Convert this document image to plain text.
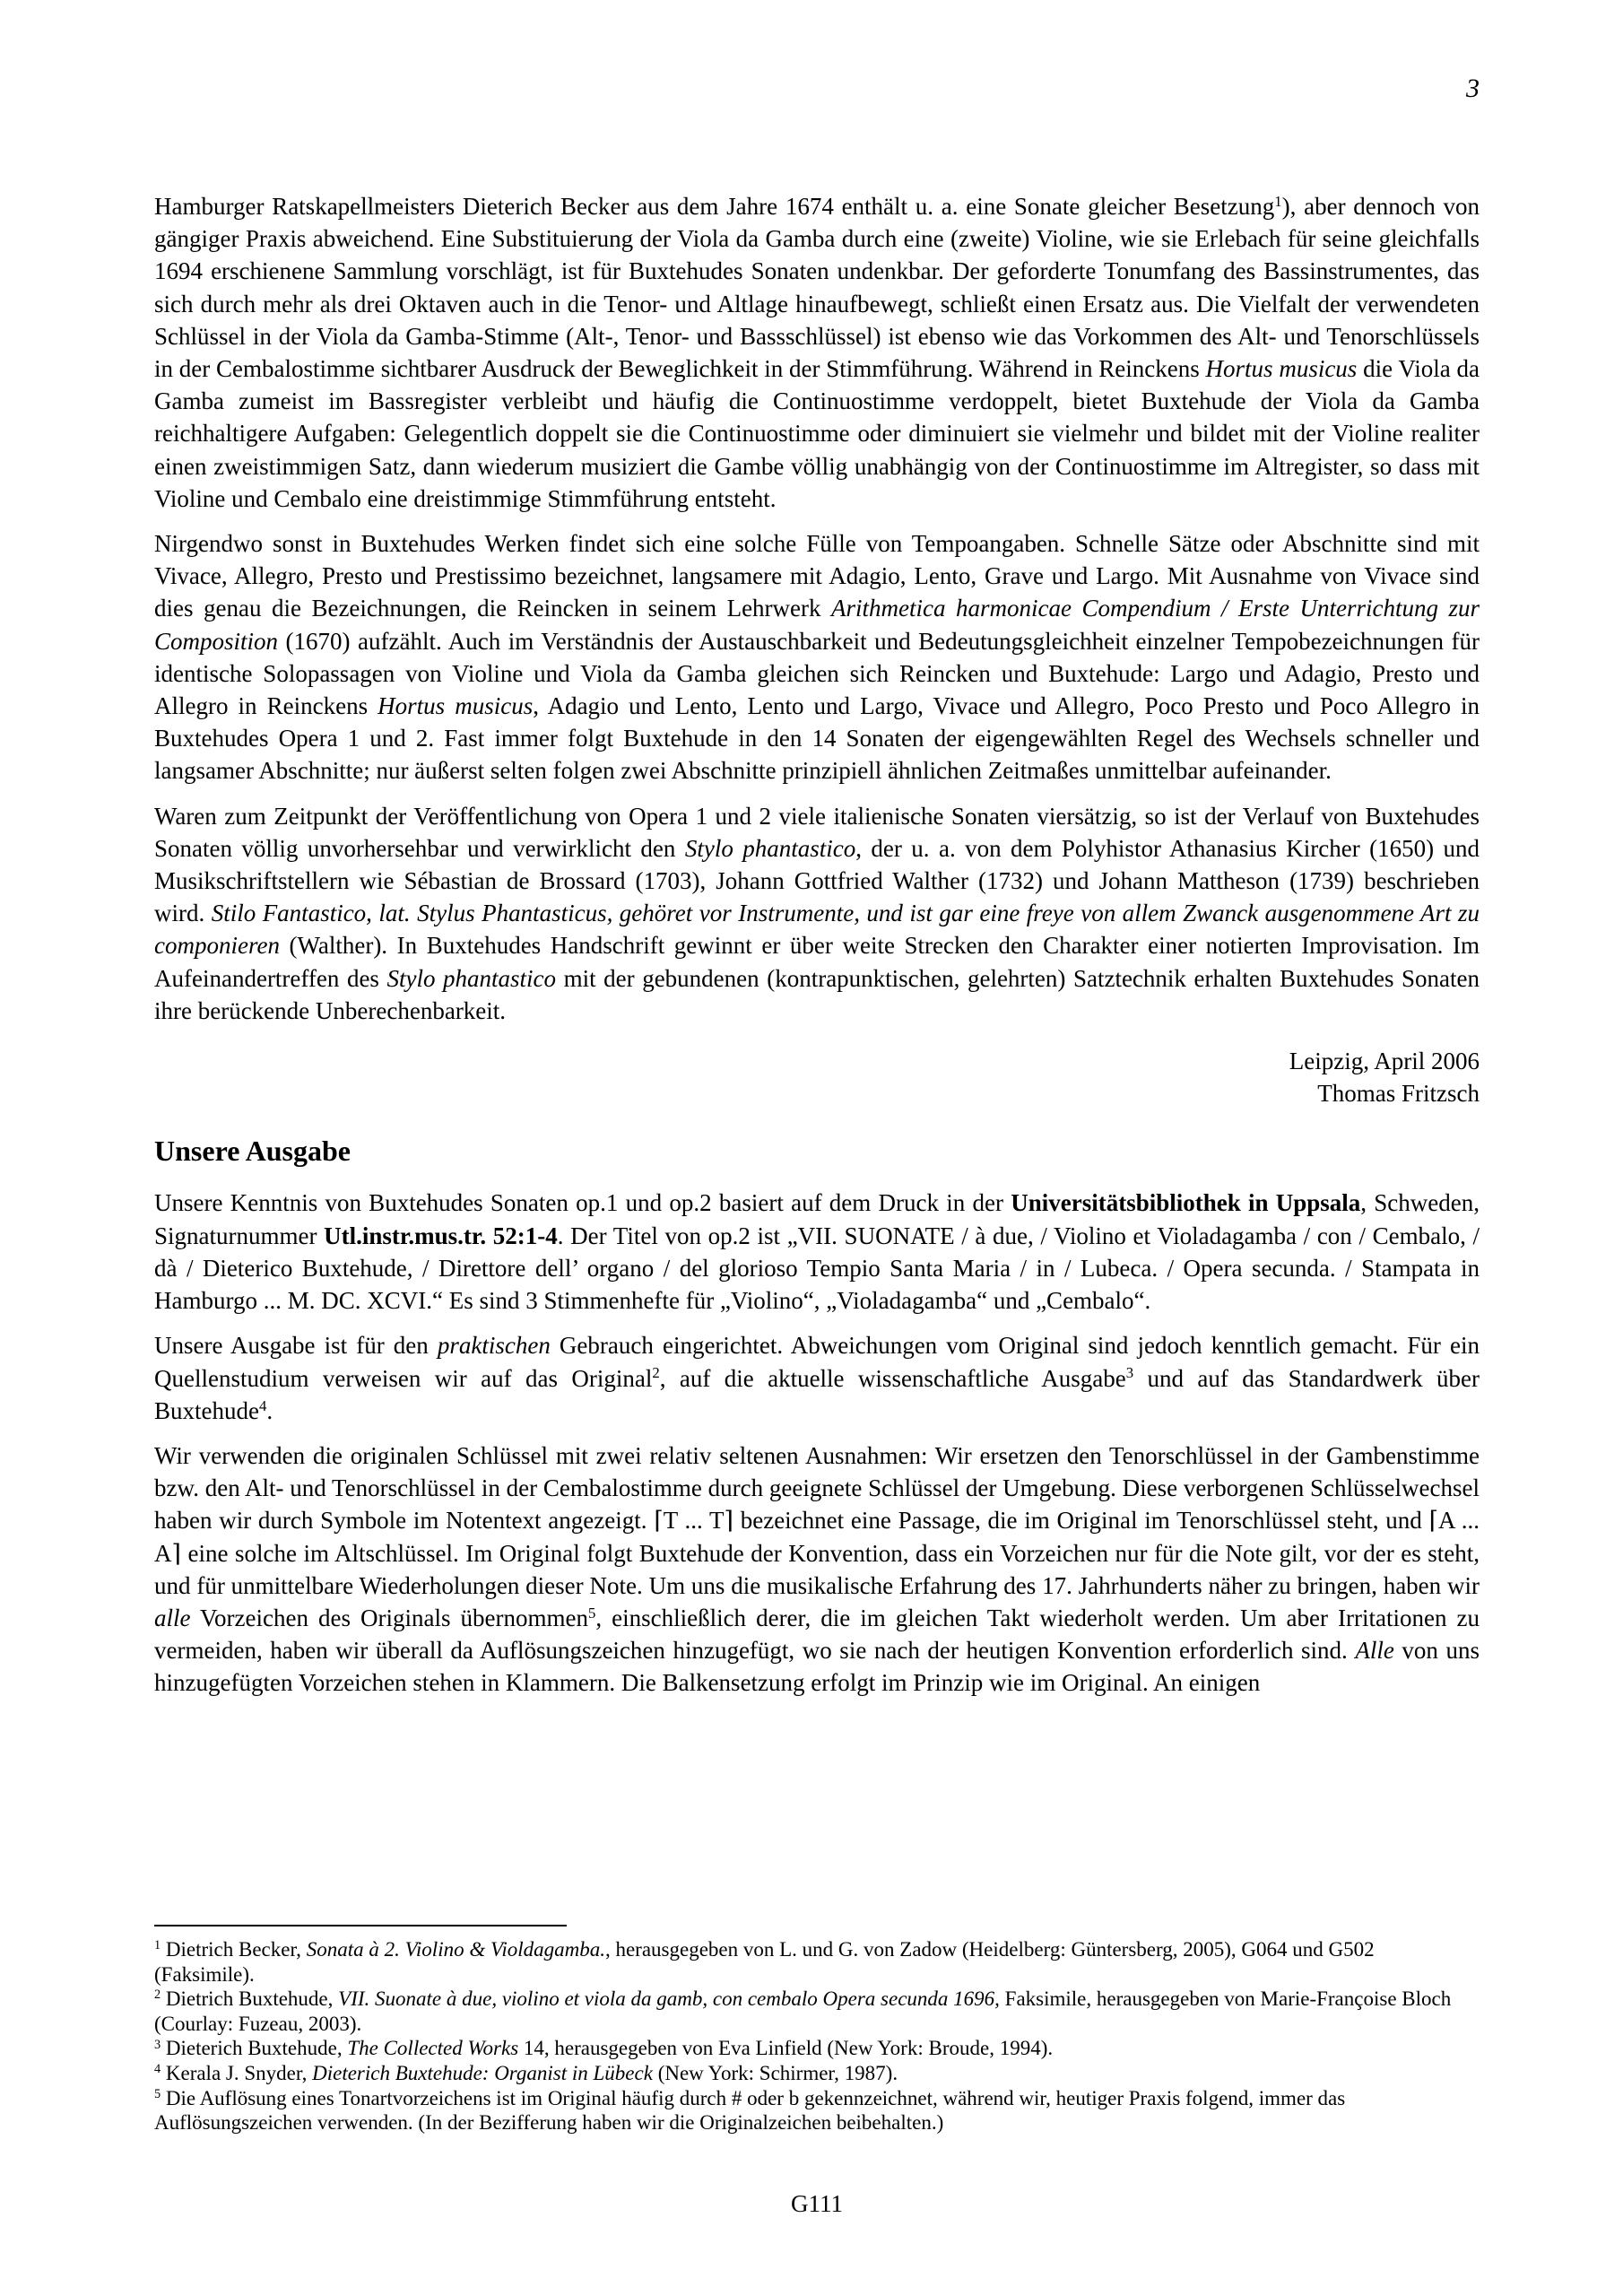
3

Hamburger Ratskapellmeisters Dieterich Becker aus dem Jahre 1674 enthält u. a. eine Sonate gleicher Besetzung$^1$), aber dennoch von gängiger Praxis abweichend. Eine Substituierung der Viola da Gamba durch eine (zweite) Violine, wie sie Erlebach für seine gleichfalls 1694 erschienene Sammlung vorschlägt, ist für Buxtehudes Sonaten undenkbar. Der geforderte Tonumfang des Bassinstrumentes, das sich durch mehr als drei Oktaven auch in die Tenor- und Altlage hinaufbewegt, schließt einen Ersatz aus. Die Vielfalt der verwendeten Schlüssel in der Viola da Gamba-Stimme (Alt-, Tenor- und Bassschlüssel) ist ebenso wie das Vorkommen des Alt- und Tenorschlüssels in der Cembalostimme sichtbarer Ausdruck der Beweglichkeit in der Stimmführung. Während in Reinckens Hortus musicus die Viola da Gamba zumeist im Bassregister verbleibt und häufig die Continuostimme verdoppelt, bietet Buxtehude der Viola da Gamba reichhaltigere Aufgaben: Gelegentlich doppelt sie die Continuostimme oder diminuiert sie vielmehr und bildet mit der Violine realiter einen zweistimmigen Satz, dann wiederum musiziert die Gambe völlig unabhängig von der Continuostimme im Altregister, so dass mit Violine und Cembalo eine dreistimmige Stimmführung entsteht.

Nirgendwo sonst in Buxtehudes Werken findet sich eine solche Fülle von Tempoangaben. Schnelle Sätze oder Abschnitte sind mit Vivace, Allegro, Presto und Prestissimo bezeichnet, langsamere mit Adagio, Lento, Grave und Largo. Mit Ausnahme von Vivace sind dies genau die Bezeichnungen, die Reincken in seinem Lehrwerk Arithmetica harmonicae Compendium / Erste Unterrichtung zur Composition (1670) aufzählt. Auch im Verständnis der Austauschbarkeit und Bedeutungsgleichheit einzelner Tempobezeichnungen für identische Solopassagen von Violine und Viola da Gamba gleichen sich Reincken und Buxtehude: Largo und Adagio, Presto und Allegro in Reinckens Hortus musicus, Adagio und Lento, Lento und Largo, Vivace und Allegro, Poco Presto und Poco Allegro in Buxtehudes Opera 1 und 2. Fast immer folgt Buxtehude in den 14 Sonaten der eigengewählten Regel des Wechsels schneller und langsamer Abschnitte; nur äußerst selten folgen zwei Abschnitte prinzipiell ähnlichen Zeitmaßes unmittelbar aufeinander.

Waren zum Zeitpunkt der Veröffentlichung von Opera 1 und 2 viele italienische Sonaten viersätzig, so ist der Verlauf von Buxtehudes Sonaten völlig unvorhersehbar und verwirklicht den Stylo phantastico, der u. a. von dem Polyhistor Athanasius Kircher (1650) und Musikschriftstellern wie Sébastian de Brossard (1703), Johann Gottfried Walther (1732) und Johann Mattheson (1739) beschrieben wird. Stilo Fantastico, lat. Stylus Phantasticus, gehöret vor Instrumente, und ist gar eine freye von allem Zwanck ausgenommene Art zu componieren (Walther). In Buxtehudes Handschrift gewinnt er über weite Strecken den Charakter einer notierten Improvisation. Im Aufeinandertreffen des Stylo phantastico mit der gebundenen (kontrapunktischen, gelehrten) Satztechnik erhalten Buxtehudes Sonaten ihre berückende Unberechenbarkeit.

Leipzig, April 2006

Thomas Fritzsch

Unsere Ausgabe

Unsere Kenntnis von Buxtehudes Sonaten op.1 und op.2 basiert auf dem Druck in der Universitätsbibliothek in Uppsala, Schweden, Signaturnummer Utl.instr.mus.tr. 52:1-4. Der Titel von op.2 ist „VII. SUONATE / à due, / Violino et Violadagamba / con / Cembalo, / dà / Dieterico Buxtehude, / Direttore dell’ organo / del glorioso Tempio Santa Maria / in / Lubeca. / Opera secunda. / Stampata in Hamburgo ... M. DC. XCVI.“ Es sind 3 Stimmenhefte für „Violino“, „Violadagamba“ und „Cembalo“.

Unsere Ausgabe ist für den praktischen Gebrauch eingerichtet. Abweichungen vom Original sind jedoch kenntlich gemacht. Für ein Quellenstudium verweisen wir auf das Original$^2$, auf die aktuelle wissenschaftliche Ausgabe$^3$ und auf das Standardwerk über Buxtehude$^4$.

Wir verwenden die originalen Schlüssel mit zwei relativ seltenen Ausnahmen: Wir ersetzen den Tenorschlüssel in der Gambenstimme bzw. den Alt- und Tenorschlüssel in der Cembalostimme durch geeignete Schlüssel der Umgebung. Diese verborgenen Schlüsselwechsel haben wir durch Symbole im Notentext angezeigt. ⌈T ... T⌉ bezeichnet eine Passage, die im Original im Tenorschlüssel steht, und ⌈A ... A⌉ eine solche im Altschlüssel. Im Original folgt Buxtehude der Konvention, dass ein Vorzeichen nur für die Note gilt, vor der es steht, und für unmittelbare Wiederholungen dieser Note. Um uns die musikalische Erfahrung des 17. Jahrhunderts näher zu bringen, haben wir alle Vorzeichen des Originals übernommen$^5$, einschließlich derer, die im gleichen Takt wiederholt werden. Um aber Irritationen zu vermeiden, haben wir überall da Auflösungszeichen hinzugefügt, wo sie nach der heutigen Konvention erforderlich sind. Alle von uns hinzugefügten Vorzeichen stehen in Klammern. Die Balkensetzung erfolgt im Prinzip wie im Original. An einigen

$^1$ Dietrich Becker, Sonata à 2. Violino & Violdagamba., herausgegeben von L. und G. von Zadow (Heidelberg: Güntersberg, 2005), G064 und G502 (Faksimile).

$^2$ Dietrich Buxtehude, VII. Suonate à due, violino et viola da gamb, con cembalo Opera secunda 1696, Faksimile, herausgegeben von Marie-Françoise Bloch (Courlay: Fuzeau, 2003).

$^3$ Dieterich Buxtehude, The Collected Works 14, herausgegeben von Eva Linfield (New York: Broude, 1994).

$^4$ Kerala J. Snyder, Dieterich Buxtehude: Organist in Lübeck (New York: Schirmer, 1987).

$^5$ Die Auflösung eines Tonartvorzeichens ist im Original häufig durch # oder b gekennzeichnet, während wir, heutiger Praxis folgend, immer das Auflösungszeichen verwenden. (In der Bezifferung haben wir die Originalzeichen beibehalten.)

G111
